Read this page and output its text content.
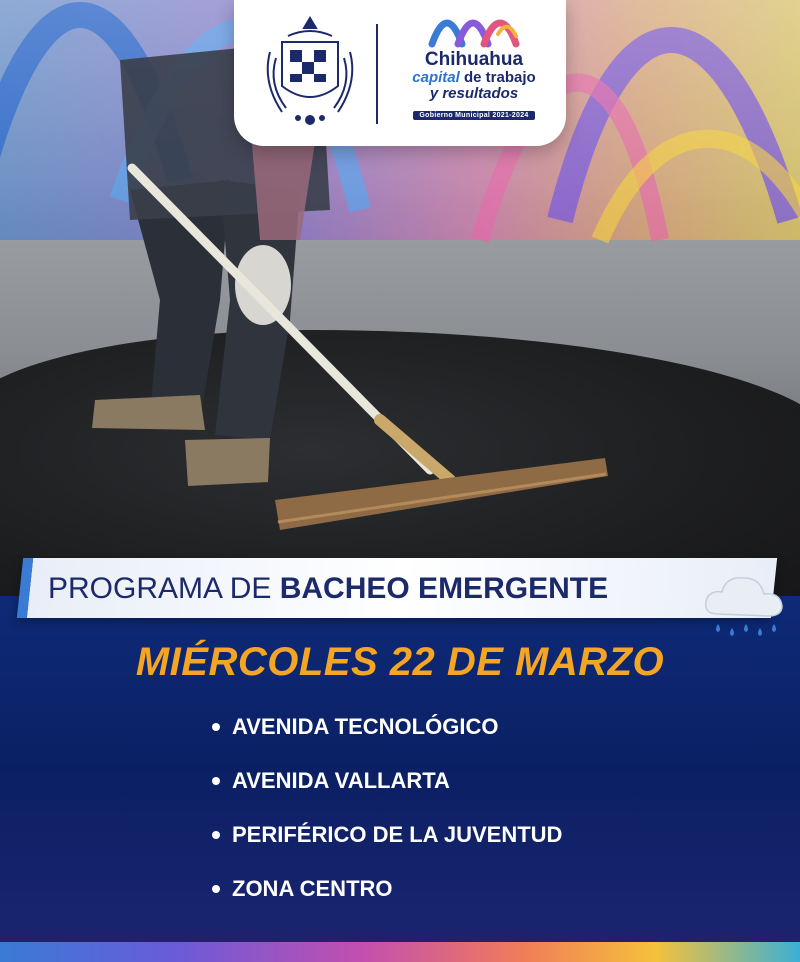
Chihuahua
capital de trabajo
y resultados
Gobierno Municipal 2021-2024
PROGRAMA DE BACHEO EMERGENTE
MIÉRCOLES 22 DE MARZO
AVENIDA TECNOLÓGICO
AVENIDA VALLARTA
PERIFÉRICO DE LA JUVENTUD
ZONA CENTRO
